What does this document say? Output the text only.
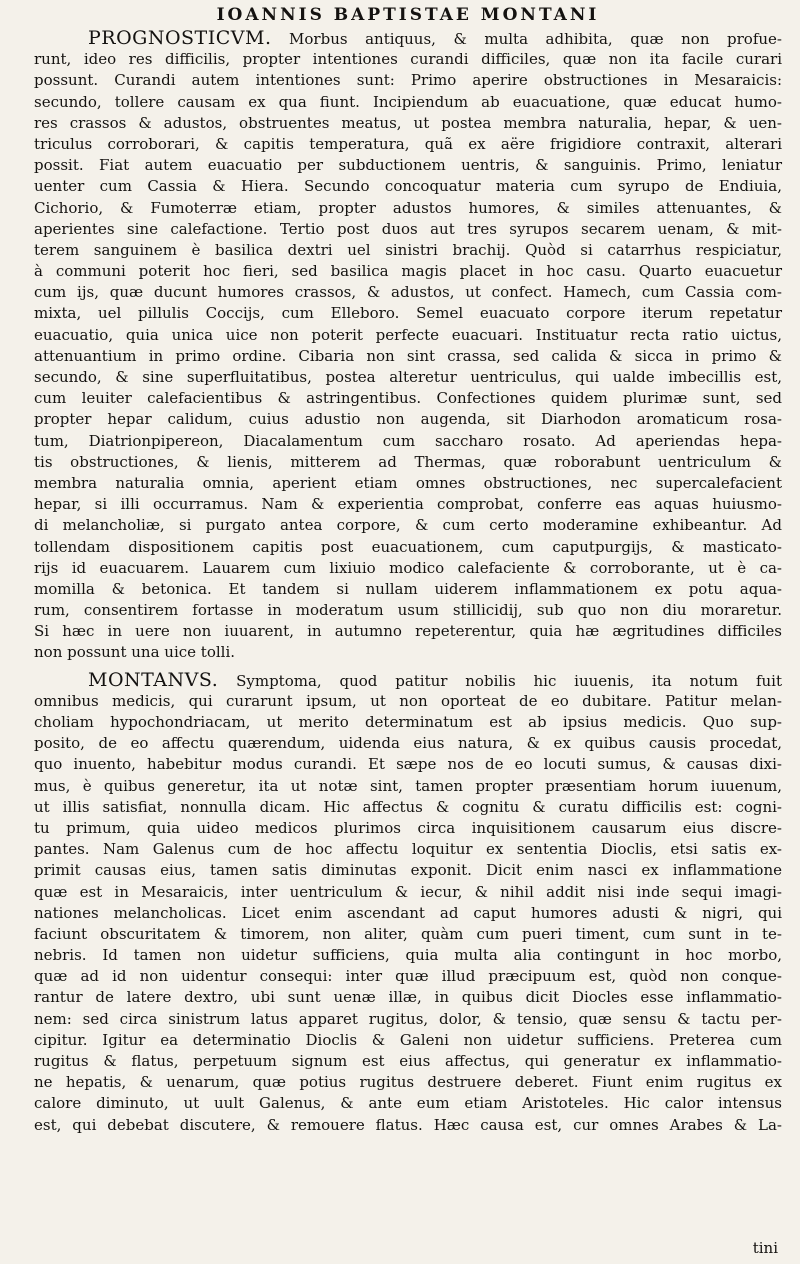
IOANNIS BAPTISTAE MONTANI
PROGNOSTICVM. Morbus antiquus, & multa adhibita, quæ non profue-
runt, ideo res difficilis, propter intentiones curandi difficiles, quæ non ita facile curari
possunt. Curandi autem intentiones sunt: Primo aperire obstructiones in Mesaraicis:
secundo, tollere causam ex qua fiunt. Incipiendum ab euacuatione, quæ educat humo-
res crassos & adustos, obstruentes meatus, ut postea membra naturalia, hepar, & uen-
triculus corroborari, & capitis temperatura, quã ex aëre frigidiore contraxit, alterari
possit. Fiat autem euacuatio per subductionem uentris, & sanguinis. Primo, leniatur
uenter cum Cassia & Hiera. Secundo concoquatur materia cum syrupo de Endiuia,
Cichorio, & Fumoterræ etiam, propter adustos humores, & similes attenuantes, &
aperientes sine calefactione. Tertio post duos aut tres syrupos secarem uenam, & mit-
terem sanguinem è basilica dextri uel sinistri brachij. Quòd si catarrhus respiciatur,
à communi poterit hoc fieri, sed basilica magis placet in hoc casu. Quarto euacuetur
cum ijs, quæ ducunt humores crassos, & adustos, ut confect. Hamech, cum Cassia com-
mixta, uel pillulis Coccijs, cum Elleboro. Semel euacuato corpore iterum repetatur
euacuatio, quia unica uice non poterit perfecte euacuari. Instituatur recta ratio uictus,
attenuantium in primo ordine. Cibaria non sint crassa, sed calida & sicca in primo &
secundo, & sine superfluitatibus, postea alteretur uentriculus, qui ualde imbecillis est,
cum leuiter calefacientibus & astringentibus. Confectiones quidem plurimæ sunt, sed
propter hepar calidum, cuius adustio non augenda, sit Diarhodon aromaticum rosa-
tum, Diatrionpipereon, Diacalamentum cum saccharo rosato. Ad aperiendas hepa-
tis obstructiones, & lienis, mitterem ad Thermas, quæ roborabunt uentriculum &
membra naturalia omnia, aperient etiam omnes obstructiones, nec supercalefacient
hepar, si illi occurramus. Nam & experientia comprobat, conferre eas aquas huiusmo-
di melancholiæ, si purgato antea corpore, & cum certo moderamine exhibeantur. Ad
tollendam dispositionem capitis post euacuationem, cum caputpurgijs, & masticato-
rijs id euacuarem. Lauarem cum lixiuio modico calefaciente & corroborante, ut è ca-
momilla & betonica. Et tandem si nullam uiderem inflammationem ex potu aqua-
rum, consentirem fortasse in moderatum usum stillicidij, sub quo non diu moraretur.
Si hæc in uere non iuuarent, in autumno repeterentur, quia hæ ægritudines difficiles
non possunt una uice tolli.
MONTANVS. Symptoma, quod patitur nobilis hic iuuenis, ita notum fuit
omnibus medicis, qui curarunt ipsum, ut non oporteat de eo dubitare. Patitur melan-
choliam hypochondriacam, ut merito determinatum est ab ipsius medicis. Quo sup-
posito, de eo affectu quærendum, uidenda eius natura, & ex quibus causis procedat,
quo inuento, habebitur modus curandi. Et sæpe nos de eo locuti sumus, & causas dixi-
mus, è quibus generetur, ita ut notæ sint, tamen propter præsentiam horum iuuenum,
ut illis satisfiat, nonnulla dicam. Hic affectus & cognitu & curatu difficilis est: cogni-
tu primum, quia uideo medicos plurimos circa inquisitionem causarum eius discre-
pantes. Nam Galenus cum de hoc affectu loquitur ex sententia Dioclis, etsi satis ex-
primit causas eius, tamen satis diminutas exponit. Dicit enim nasci ex inflammatione
quæ est in Mesaraicis, inter uentriculum & iecur, & nihil addit nisi inde sequi imagi-
nationes melancholicas. Licet enim ascendant ad caput humores adusti & nigri, qui
faciunt obscuritatem & timorem, non aliter, quàm cum pueri timent, cum sunt in te-
nebris. Id tamen non uidetur sufficiens, quia multa alia contingunt in hoc morbo,
quæ ad id non uidentur consequi: inter quæ illud præcipuum est, quòd non conque-
rantur de latere dextro, ubi sunt uenæ illæ, in quibus dicit Diocles esse inflammatio-
nem: sed circa sinistrum latus apparet rugitus, dolor, & tensio, quæ sensu & tactu per-
cipitur. Igitur ea determinatio Dioclis & Galeni non uidetur sufficiens. Preterea cum
rugitus & flatus, perpetuum signum est eius affectus, qui generatur ex inflammatio-
ne hepatis, & uenarum, quæ potius rugitus destruere deberet. Fiunt enim rugitus ex
calore diminuto, ut uult Galenus, & ante eum etiam Aristoteles. Hic calor intensus
est, qui debebat discutere, & remouere flatus. Hæc causa est, cur omnes Arabes & La-
tini
